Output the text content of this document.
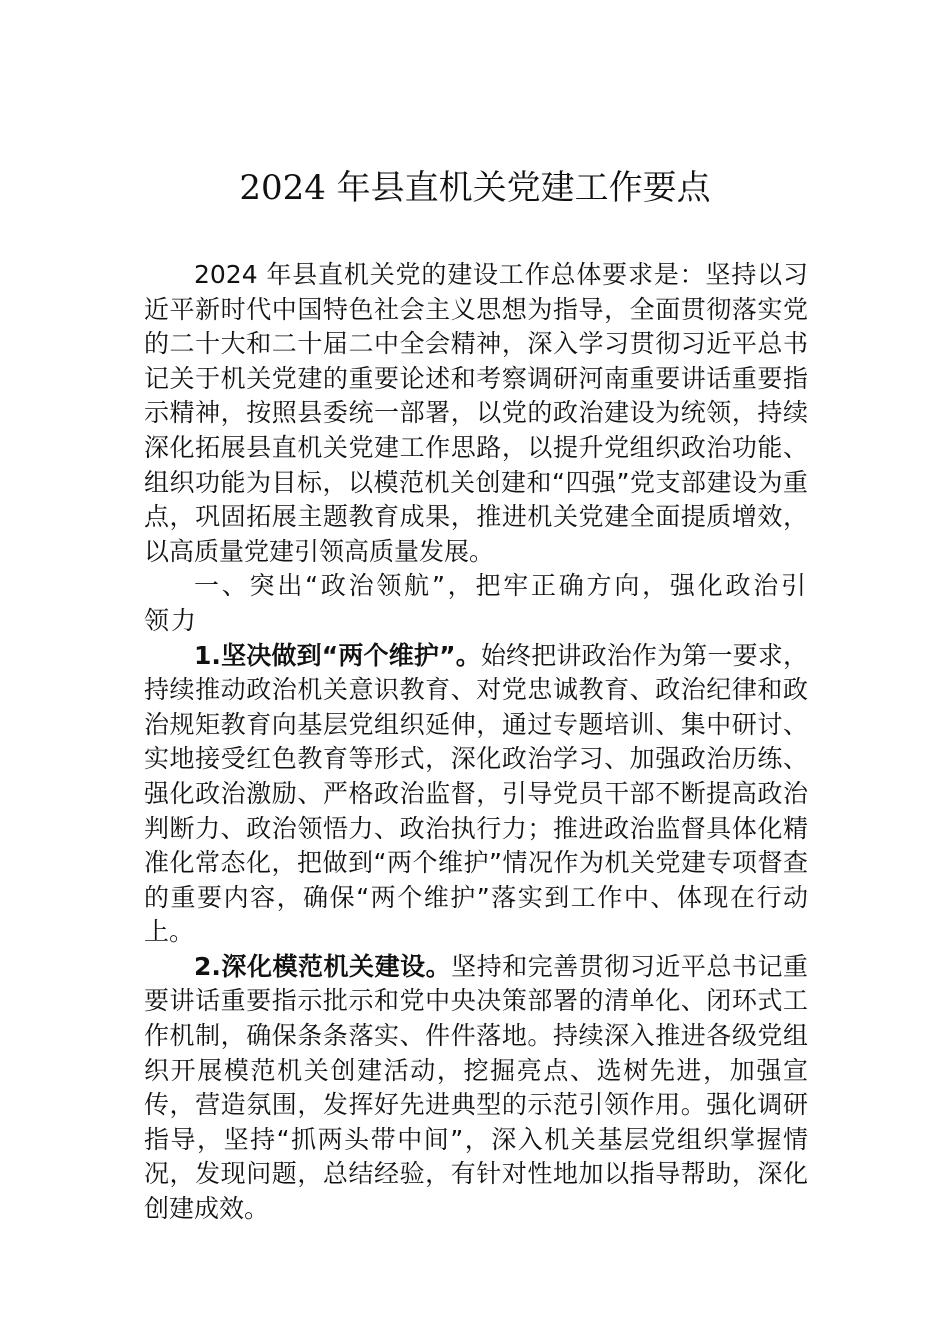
2024 年县直机关党建工作要点

2024 年县直机关党的建设工作总体要求是：坚持以习近平新时代中国特色社会主义思想为指导，全面贯彻落实党的二十大和二十届二中全会精神，深入学习贯彻习近平总书记关于机关党建的重要论述和考察调研河南重要讲话重要指示精神，按照县委统一部署，以党的政治建设为统领，持续深化拓展县直机关党建工作思路，以提升党组织政治功能、组织功能为目标，以模范机关创建和“四强”党支部建设为重点，巩固拓展主题教育成果，推进机关党建全面提质增效，以高质量党建引领高质量发展。

一、突出“政治领航”，把牢正确方向，强化政治引领力

1.坚决做到“两个维护”。始终把讲政治作为第一要求，持续推动政治机关意识教育、对党忠诚教育、政治纪律和政治规矩教育向基层党组织延伸，通过专题培训、集中研讨、实地接受红色教育等形式，深化政治学习、加强政治历练、强化政治激励、严格政治监督，引导党员干部不断提高政治判断力、政治领悟力、政治执行力；推进政治监督具体化精准化常态化，把做到“两个维护”情况作为机关党建专项督查的重要内容，确保“两个维护”落实到工作中、体现在行动上。

2.深化模范机关建设。坚持和完善贯彻习近平总书记重要讲话重要指示批示和党中央决策部署的清单化、闭环式工作机制，确保条条落实、件件落地。持续深入推进各级党组织开展模范机关创建活动，挖掘亮点、选树先进，加强宣传，营造氛围，发挥好先进典型的示范引领作用。强化调研指导，坚持“抓两头带中间”，深入机关基层党组织掌握情况，发现问题，总结经验，有针对性地加以指导帮助，深化创建成效。
